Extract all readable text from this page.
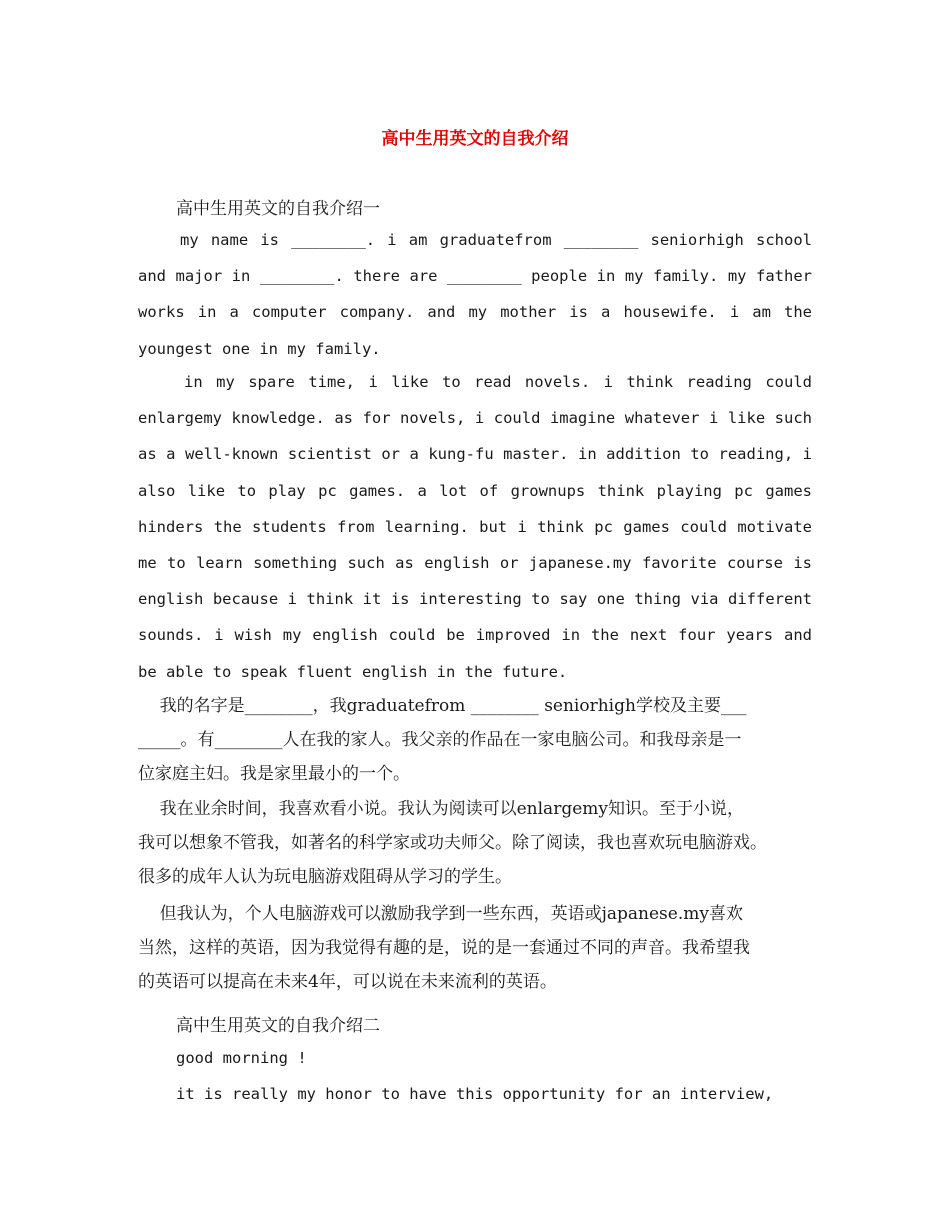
高中生用英文的自我介绍

高中生用英文的自我介绍一

my name is ________. i am graduatefrom ________ seniorhigh school
and major in ________. there are ________ people in my family. my father
works in a computer company. and my mother is a housewife. i am the
youngest one in my family.
in my spare time, i like to read novels. i think reading could
enlargemy knowledge. as for novels, i could imagine whatever i like such
as a well-known scientist or a kung-fu master. in addition to reading, i
also like to play pc games. a lot of grownups think playing pc games
hinders the students from learning. but i think pc games could motivate
me to learn something such as english or japanese.my favorite course is
english because i think it is interesting to say one thing via different
sounds. i wish my english could be improved in the next four years and
be able to speak fluent english in the future.
我的名字是________，我graduatefrom ________ seniorhigh学校及主要___
_____。有________人在我的家人。我父亲的作品在一家电脑公司。和我母亲是一
位家庭主妇。我是家里最小的一个。
我在业余时间，我喜欢看小说。我认为阅读可以enlargemy知识。至于小说，
我可以想象不管我，如著名的科学家或功夫师父。除了阅读，我也喜欢玩电脑游戏。
很多的成年人认为玩电脑游戏阻碍从学习的学生。
但我认为，个人电脑游戏可以激励我学到一些东西，英语或japanese.my喜欢
当然，这样的英语，因为我觉得有趣的是，说的是一套通过不同的声音。我希望我
的英语可以提高在未来4年，可以说在未来流利的英语。

高中生用英文的自我介绍二

good morning !
it is really my honor to have this opportunity for an interview,
